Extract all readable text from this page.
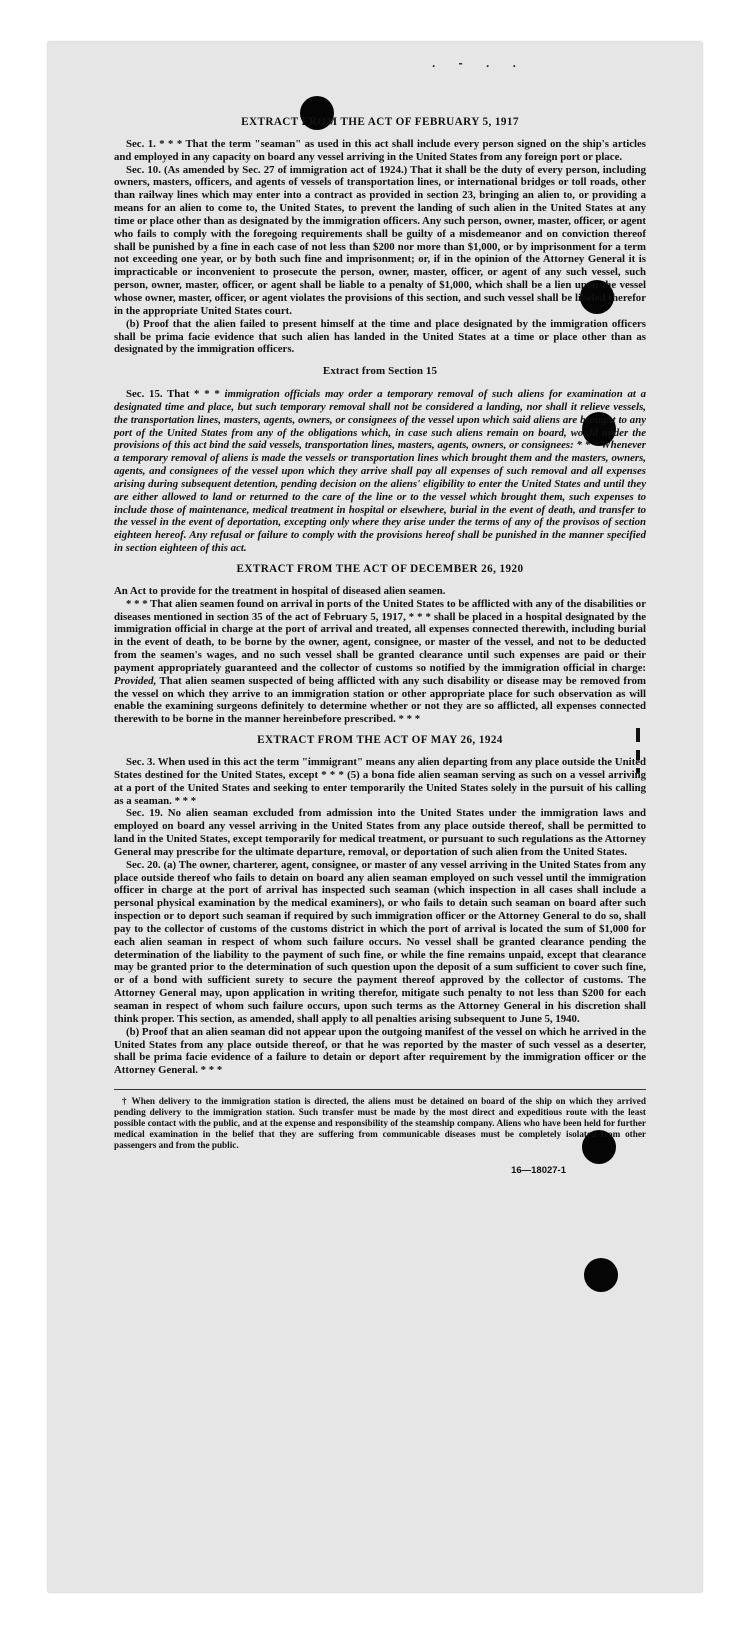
. - . .
EXTRACT FROM THE ACT OF FEBRUARY 5, 1917

Sec. 1. * * * That the term "seaman" as used in this act shall include every person signed on the ship's articles and employed in any capacity on board any vessel arriving in the United States from any foreign port or place.

Sec. 10. (As amended by Sec. 27 of immigration act of 1924.) That it shall be the duty of every person, including owners, masters, officers, and agents of vessels of transportation lines, or international bridges or toll roads, other than railway lines which may enter into a contract as provided in section 23, bringing an alien to, or providing a means for an alien to come to, the United States, to prevent the landing of such alien in the United States at any time or place other than as designated by the immigration officers. Any such person, owner, master, officer, or agent who fails to comply with the foregoing requirements shall be guilty of a misdemeanor and on conviction thereof shall be punished by a fine in each case of not less than $200 nor more than $1,000, or by imprisonment for a term not exceeding one year, or by both such fine and imprisonment; or, if in the opinion of the Attorney General it is impracticable or inconvenient to prosecute the person, owner, master, officer, or agent of any such vessel, such person, owner, master, officer, or agent shall be liable to a penalty of $1,000, which shall be a lien upon the vessel whose owner, master, officer, or agent violates the provisions of this section, and such vessel shall be libeled therefor in the appropriate United States court.

(b) Proof that the alien failed to present himself at the time and place designated by the immigration officers shall be prima facie evidence that such alien has landed in the United States at a time or place other than as designated by the immigration officers.

Extract from Section 15

Sec. 15. That * * * immigration officials may order a temporary removal of such aliens for examination at a designated time and place, but such temporary removal shall not be considered a landing, nor shall it relieve vessels, the transportation lines, masters, agents, owners, or consignees of the vessel upon which said aliens are brought to any port of the United States from any of the obligations which, in case such aliens remain on board, would under the provisions of this act bind the said vessels, transportation lines, masters, agents, owners, or consignees: * * * Whenever a temporary removal of aliens is made the vessels or transportation lines which brought them and the masters, owners, agents, and consignees of the vessel upon which they arrive shall pay all expenses of such removal and all expenses arising during subsequent detention, pending decision on the aliens' eligibility to enter the United States and until they are either allowed to land or returned to the care of the line or to the vessel which brought them, such expenses to include those of maintenance, medical treatment in hospital or elsewhere, burial in the event of death, and transfer to the vessel in the event of deportation, excepting only where they arise under the terms of any of the provisos of section eighteen hereof. Any refusal or failure to comply with the provisions hereof shall be punished in the manner specified in section eighteen of this act.

EXTRACT FROM THE ACT OF DECEMBER 26, 1920

An Act to provide for the treatment in hospital of diseased alien seamen.

* * * That alien seamen found on arrival in ports of the United States to be afflicted with any of the disabilities or diseases mentioned in section 35 of the act of February 5, 1917, * * * shall be placed in a hospital designated by the immigration official in charge at the port of arrival and treated, all expenses connected therewith, including burial in the event of death, to be borne by the owner, agent, consignee, or master of the vessel, and not to be deducted from the seamen's wages, and no such vessel shall be granted clearance until such expenses are paid or their payment appropriately guaranteed and the collector of customs so notified by the immigration official in charge: Provided, That alien seamen suspected of being afflicted with any such disability or disease may be removed from the vessel on which they arrive to an immigration station or other appropriate place for such observation as will enable the examining surgeons definitely to determine whether or not they are so afflicted, all expenses connected therewith to be borne in the manner hereinbefore prescribed. * * *

EXTRACT FROM THE ACT OF MAY 26, 1924

Sec. 3. When used in this act the term "immigrant" means any alien departing from any place outside the United States destined for the United States, except * * * (5) a bona fide alien seaman serving as such on a vessel arriving at a port of the United States and seeking to enter temporarily the United States solely in the pursuit of his calling as a seaman. * * *

Sec. 19. No alien seaman excluded from admission into the United States under the immigration laws and employed on board any vessel arriving in the United States from any place outside thereof, shall be permitted to land in the United States, except temporarily for medical treatment, or pursuant to such regulations as the Attorney General may prescribe for the ultimate departure, removal, or deportation of such alien from the United States.

Sec. 20. (a) The owner, charterer, agent, consignee, or master of any vessel arriving in the United States from any place outside thereof who fails to detain on board any alien seaman employed on such vessel until the immigration officer in charge at the port of arrival has inspected such seaman (which inspection in all cases shall include a personal physical examination by the medical examiners), or who fails to detain such seaman on board after such inspection or to deport such seaman if required by such immigration officer or the Attorney General to do so, shall pay to the collector of customs of the customs district in which the port of arrival is located the sum of $1,000 for each alien seaman in respect of whom such failure occurs. No vessel shall be granted clearance pending the determination of the liability to the payment of such fine, or while the fine remains unpaid, except that clearance may be granted prior to the determination of such question upon the deposit of a sum sufficient to cover such fine, or of a bond with sufficient surety to secure the payment thereof approved by the collector of customs. The Attorney General may, upon application in writing therefor, mitigate such penalty to not less than $200 for each seaman in respect of whom such failure occurs, upon such terms as the Attorney General in his discretion shall think proper. This section, as amended, shall apply to all penalties arising subsequent to June 5, 1940.

(b) Proof that an alien seaman did not appear upon the outgoing manifest of the vessel on which he arrived in the United States from any place outside thereof, or that he was reported by the master of such vessel as a deserter, shall be prima facie evidence of a failure to detain or deport after requirement by the immigration officer or the Attorney General. * * *

† When delivery to the immigration station is directed, the aliens must be detained on board of the ship on which they arrived pending delivery to the immigration station. Such transfer must be made by the most direct and expeditious route with the least possible contact with the public, and at the expense and responsibility of the steamship company. Aliens who have been held for further medical examination in the belief that they are suffering from communicable diseases must be completely isolated from other passengers and from the public.
16—18027-1
